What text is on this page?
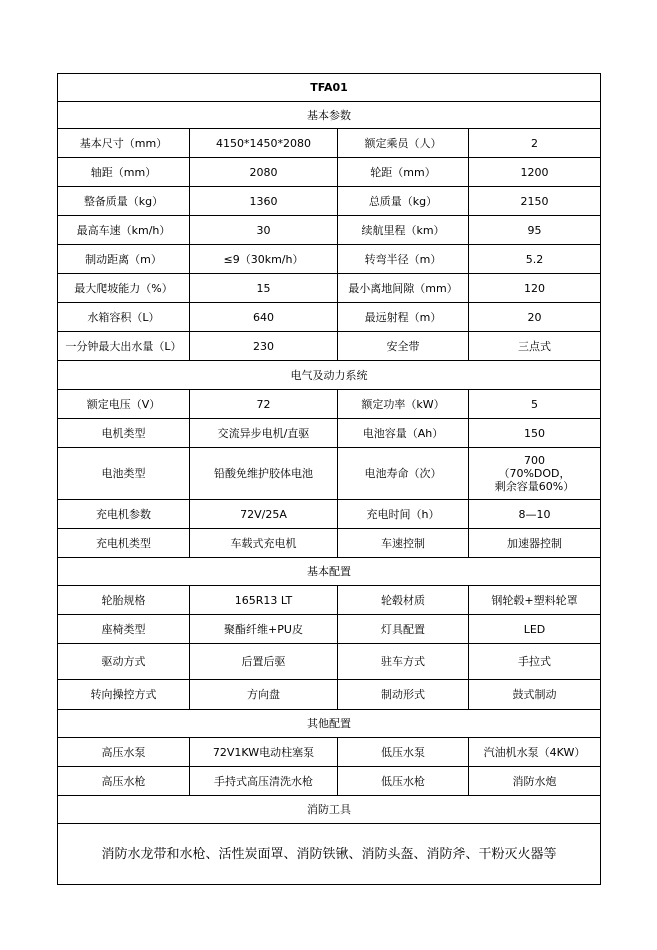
TFA01			
基本参数			
基本尺寸（mm）	4150*1450*2080	额定乘员（人）	2
轴距（mm）	2080	轮距（mm）	1200
整备质量（kg）	1360	总质量（kg）	2150
最高车速（km/h）	30	续航里程（km）	95
制动距离（m）	≤9（30km/h）	转弯半径（m）	5.2
最大爬坡能力（%）	15	最小离地间隙（mm）	120
水箱容积（L）	640	最远射程（m）	20
一分钟最大出水量（L）	230	安全带	三点式
电气及动力系统			
额定电压（V）	72	额定功率（kW）	5
电机类型	交流异步电机/直驱	电池容量（Ah）	150
电池类型	铅酸免维护胶体电池	电池寿命（次）	700
（70%DOD，
剩余容量60%）

充电机参数	72V/25A	充电时间（h）	8—10
充电机类型	车载式充电机	车速控制	加速器控制
基本配置			
轮胎规格	165R13 LT	轮毂材质	钢轮毂+塑料轮罩
座椅类型	聚酯纤维+PU皮	灯具配置	LED
驱动方式	后置后驱	驻车方式	手拉式
转向操控方式	方向盘	制动形式	鼓式制动
其他配置			
高压水泵	72V1KW电动柱塞泵	低压水泵	汽油机水泵（4KW）
高压水枪	手持式高压清洗水枪	低压水枪	消防水炮
消防工具			
消防水龙带和水枪、活性炭面罩、消防铁锹、消防头盔、消防斧、干粉灭火器等			
